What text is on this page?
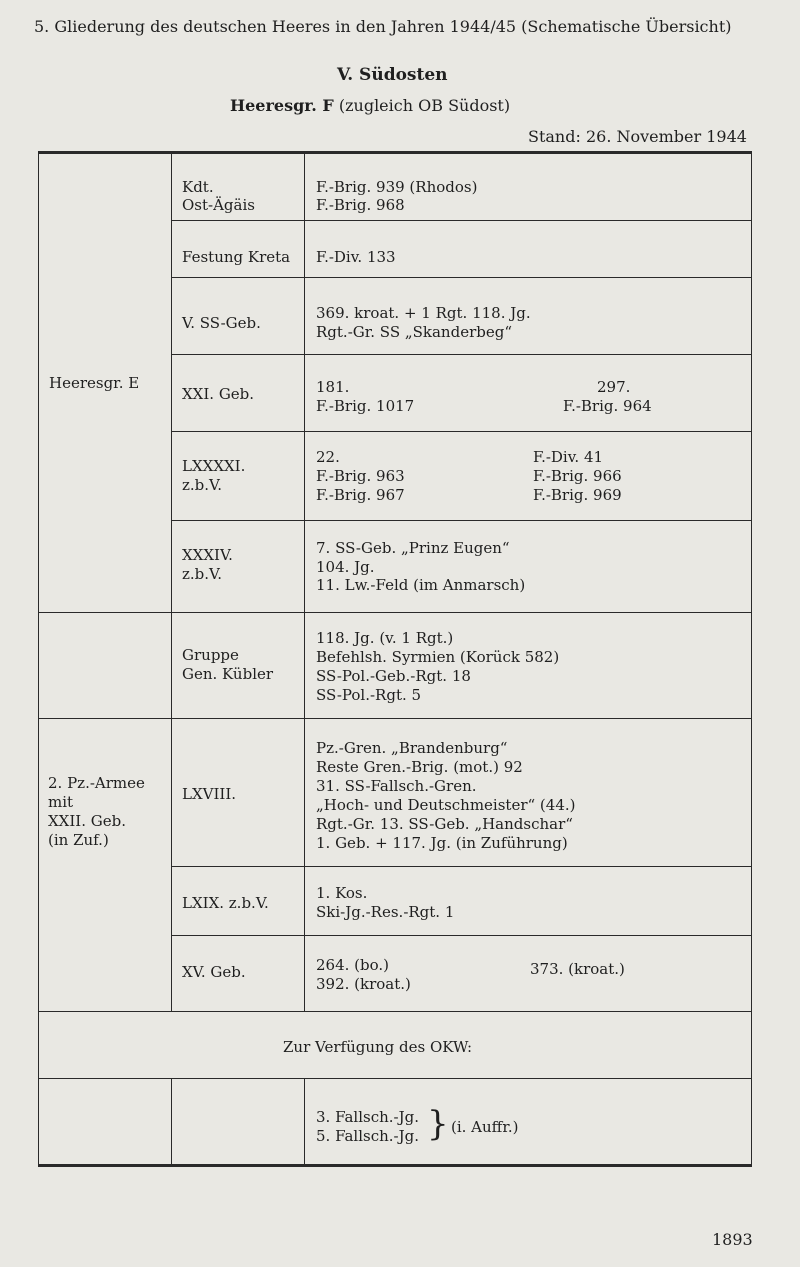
5. Gliederung des deutschen Heeres in den Jahren 1944/45 (Schematische Übersicht)
V. Südosten
Heeresgr. F (zugleich OB Südost)
Stand: 26. November 1944
Heeresgr. E
2. Pz.-Armee
mit
XXII. Geb.
(in Zuf.)
Kdt.
Ost-Ägäis
F.-Brig. 939 (Rhodos)
F.-Brig. 968
Festung Kreta F.-Div. 133
V. SS-Geb.
369. kroat. + 1 Rgt. 118. Jg.
Rgt.-Gr. SS „Skanderbeg“
XXI. Geb.	181.
F.-Brig. 1017
297.
F.-Brig. 964
LXXXXI.
z.b.V.
22.
F.-Brig. 963
F.-Brig. 967
F.-Div. 41
F.-Brig. 966
F.-Brig. 969
XXXIV.
z.b.V.
7. SS-Geb. „Prinz Eugen“
104. Jg.
11. Lw.-Feld (im Anmarsch)
Gruppe
Gen. Kübler
118. Jg. (v. 1 Rgt.)
Befehlsh. Syrmien (Korück 582)
SS-Pol.-Geb.-Rgt. 18
SS-Pol.-Rgt. 5
LXVIII.
Pz.-Gren. „Brandenburg“
Reste Gren.-Brig. (mot.) 92
31. SS-Fallsch.-Gren.
„Hoch- und Deutschmeister“ (44.)
Rgt.-Gr. 13. SS-Geb. „Handschar“
1. Geb. + 117. Jg. (in Zuführung)
LXIX. z.b.V.
1. Kos.
Ski-Jg.-Res.-Rgt. 1
XV. Geb.	264. (bo.)
392. (kroat.)
373. (kroat.)
Zur Verfügung des OKW:
3. Fallsch.-Jg.
5. Fallsch.-Jg. } (i. Auffr.)
1893
